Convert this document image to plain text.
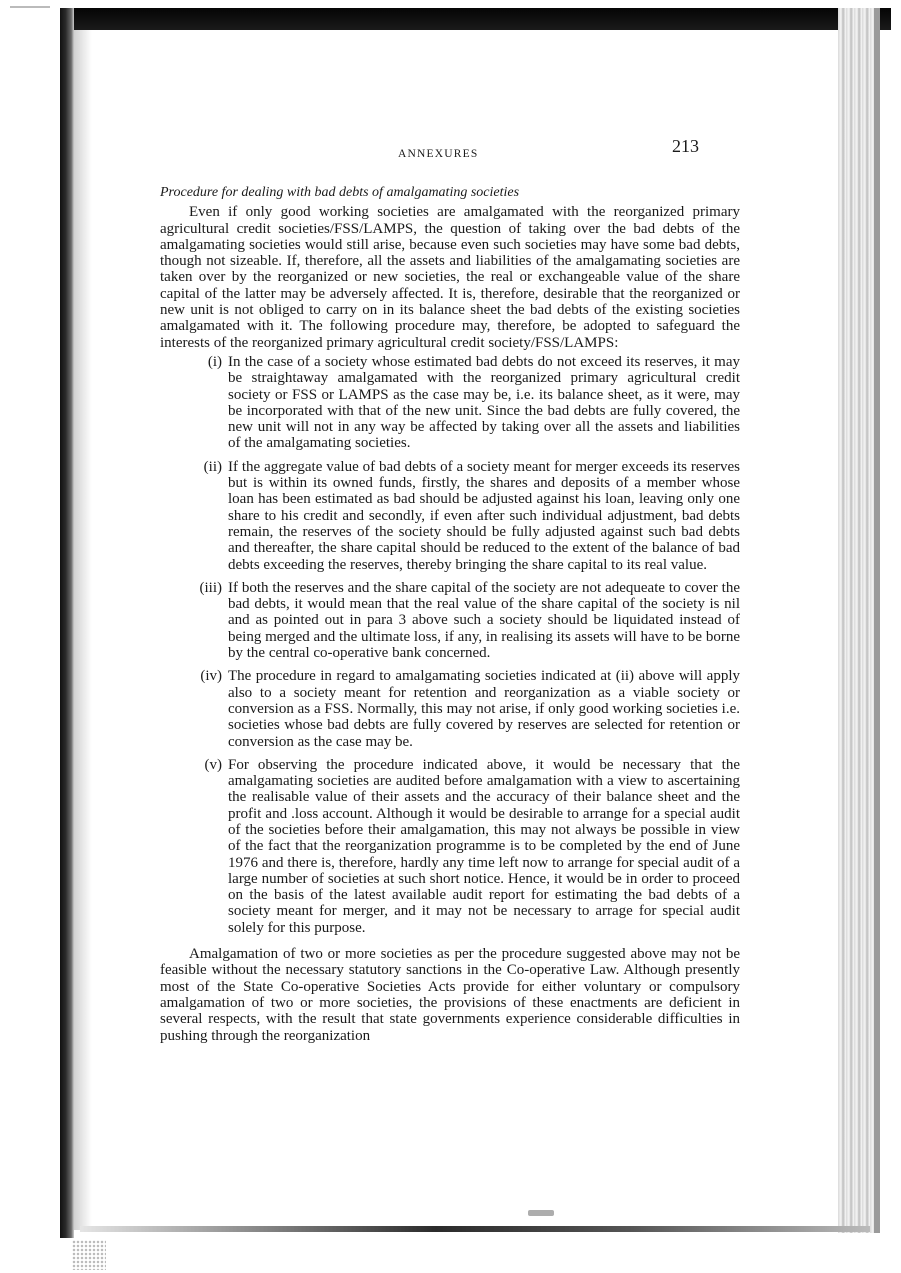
ANNEXURES	213
Procedure for dealing with bad debts of amalgamating societies

Even if only good working societies are amalgamated with the reorganized primary agricultural credit societies/FSS/LAMPS, the question of taking over the bad debts of the amalgamating societies would still arise, because even such societies may have some bad debts, though not sizeable. If, therefore, all the assets and liabilities of the amalgamating societies are taken over by the reorganized or new societies, the real or exchangeable value of the share capital of the latter may be adversely affected. It is, therefore, desirable that the reorganized or new unit is not obliged to carry on in its balance sheet the bad debts of the existing societies amalgamated with it. The following procedure may, therefore, be adopted to safeguard the interests of the reorganized primary agricultural credit society/FSS/LAMPS:

(i) In the case of a society whose estimated bad debts do not exceed its reserves, it may be straightaway amalgamated with the reorganized primary agricultural credit society or FSS or LAMPS as the case may be, i.e. its balance sheet, as it were, may be incorporated with that of the new unit. Since the bad debts are fully covered, the new unit will not in any way be affected by taking over all the assets and liabilities of the amalgamating societies.
(ii) If the aggregate value of bad debts of a society meant for merger exceeds its reserves but is within its owned funds, firstly, the shares and deposits of a member whose loan has been estimated as bad should be adjusted against his loan, leaving only one share to his credit and secondly, if even after such individual adjustment, bad debts remain, the reserves of the society should be fully adjusted against such bad debts and thereafter, the share capital should be reduced to the extent of the balance of bad debts exceeding the reserves, thereby bringing the share capital to its real value.
(iii) If both the reserves and the share capital of the society are not adequeate to cover the bad debts, it would mean that the real value of the share capital of the society is nil and as pointed out in para 3 above such a society should be liquidated instead of being merged and the ultimate loss, if any, in realising its assets will have to be borne by the central co-operative bank concerned.
(iv) The procedure in regard to amalgamating societies indicated at (ii) above will apply also to a society meant for retention and reorganization as a viable society or conversion as a FSS. Normally, this may not arise, if only good working societies i.e. societies whose bad debts are fully covered by reserves are selected for retention or conversion as the case may be.
(v) For observing the procedure indicated above, it would be necessary that the amalgamating societies are audited before amalgamation with a view to ascertaining the realisable value of their assets and the accuracy of their balance sheet and the profit and .loss account. Although it would be desirable to arrange for a special audit of the societies before their amalgamation, this may not always be possible in view of the fact that the reorganization programme is to be completed by the end of June 1976 and there is, therefore, hardly any time left now to arrange for special audit of a large number of societies at such short notice. Hence, it would be in order to proceed on the basis of the latest available audit report for estimating the bad debts of a society meant for merger, and it may not be necessary to arrage for special audit solely for this purpose.

Amalgamation of two or more societies as per the procedure suggested above may not be feasible without the necessary statutory sanctions in the Co-operative Law. Although presently most of the State Co-operative Societies Acts provide for either voluntary or compulsory amalgamation of two or more societies, the provisions of these enactments are deficient in several respects, with the result that state governments experience considerable difficulties in pushing through the reorganization
